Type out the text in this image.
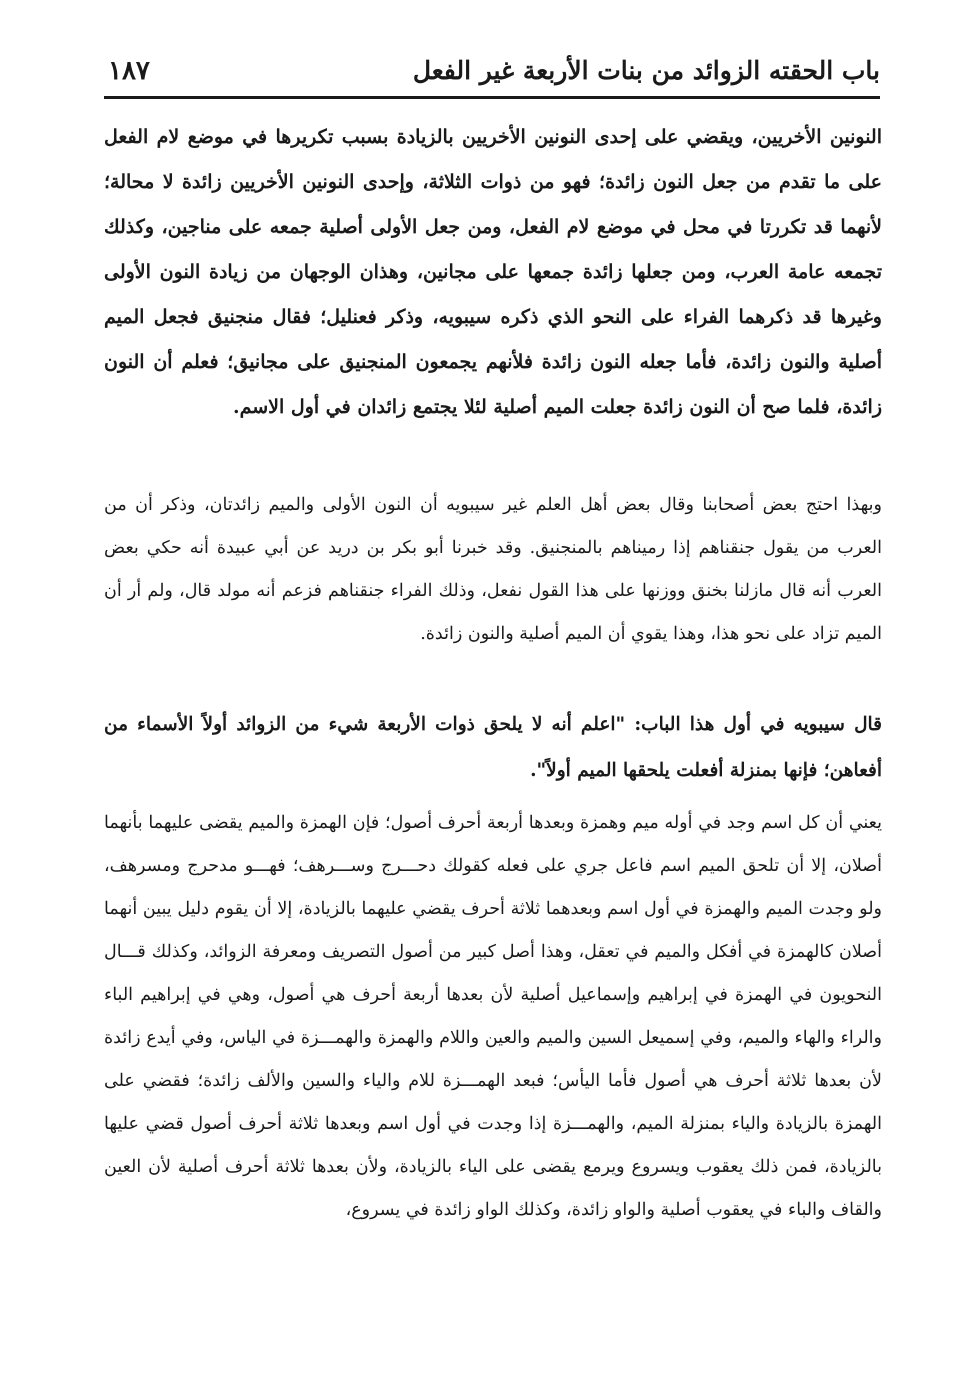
باب الحقته الزوائد من بنات الأربعة غير الفعل
١٨٧

النونين الأخريين، ويقضي على إحدى النونين الأخريين بالزيادة بسبب تكريرها في موضع لام الفعل على ما تقدم من جعل النون زائدة؛ فهو من ذوات الثلاثة، وإحدى النونين الأخريين زائدة لا محالة؛ لأنهما قد تكررتا في محل في موضع لام الفعل، ومن جعل الأولى أصلية جمعه على مناجين، وكذلك تجمعه عامة العرب، ومن جعلها زائدة جمعها على مجانين، وهذان الوجهان من زيادة النون الأولى وغيرها قد ذكرهما الفراء على النحو الذي ذكره سيبويه، وذكر فعنليل؛ فقال منجنيق فجعل الميم أصلية والنون زائدة، فأما جعله النون زائدة فلأنهم يجمعون المنجنيق على مجانيق؛ فعلم أن النون زائدة، فلما صح أن النون زائدة جعلت الميم أصلية لئلا يجتمع زائدان في أول الاسم.

وبهذا احتج بعض أصحابنا وقال بعض أهل العلم غير سيبويه أن النون الأولى والميم زائدتان، وذكر أن من العرب من يقول جنقناهم إذا رميناهم بالمنجنيق. وقد خبرنا أبو بكر بن دريد عن أبي عبيدة أنه حكي بعض العرب أنه قال مازلنا بخنق ووزنها على هذا القول نفعل، وذلك الفراء جنقناهم فزعم أنه مولد قال، ولم أر أن الميم تزاد على نحو هذا، وهذا يقوي أن الميم أصلية والنون زائدة.

قال سيبويه في أول هذا الباب: "اعلم أنه لا يلحق ذوات الأربعة شيء من الزوائد أولاً الأسماء من أفعاهن؛ فإنها بمنزلة أفعلت يلحقها الميم أولاً".

يعني أن كل اسم وجد في أوله ميم وهمزة وبعدها أربعة أحرف أصول؛ فإن الهمزة والميم يقضى عليهما بأنهما أصلان، إلا أن تلحق الميم اسم فاعل جري على فعله كقولك دحـــرج وســـرهف؛ فهـــو مدحرج ومسرهف، ولو وجدت الميم والهمزة في أول اسم وبعدهما ثلاثة أحرف يقضي عليهما بالزيادة، إلا أن يقوم دليل يبين أنهما أصلان كالهمزة في أفكل والميم في تعقل، وهذا أصل كبير من أصول التصريف ومعرفة الزوائد، وكذلك قـــال النحويون في الهمزة في إبراهيم وإسماعيل أصلية لأن بعدها أربعة أحرف هي أصول، وهي في إبراهيم الباء والراء والهاء والميم، وفي إسميعل السين والميم والعين واللام والهمزة والهمـــزة في الياس، وفي أيدع زائدة لأن بعدها ثلاثة أحرف هي أصول فأما اليأس؛ فبعد الهمـــزة للام والياء والسين والألف زائدة؛ فقضي على الهمزة بالزيادة والياء بمنزلة الميم، والهمـــزة إذا وجدت في أول اسم وبعدها ثلاثة أحرف أصول قضي عليها بالزيادة، فمن ذلك يعقوب ويسروع ويرمع يقضى على الياء بالزيادة، ولأن بعدها ثلاثة أحرف أصلية لأن العين والقاف والباء في يعقوب أصلية والواو زائدة، وكذلك الواو زائدة في يسروع،
